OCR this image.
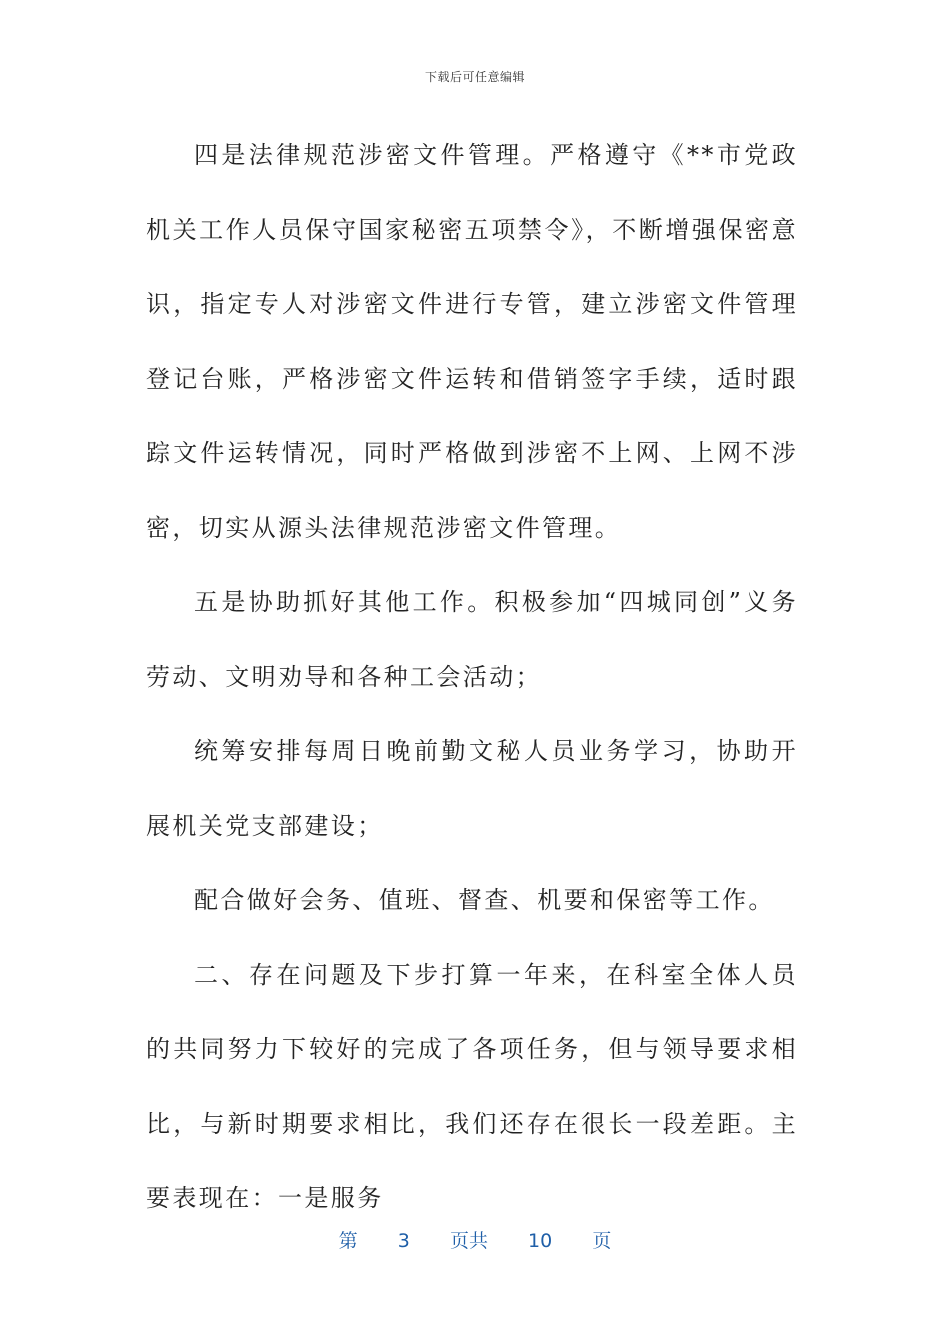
下载后可任意编辑

四是法律规范涉密文件管理。严格遵守《**市党政机关工作人员保守国家秘密五项禁令》，不断增强保密意识，指定专人对涉密文件进行专管，建立涉密文件管理登记台账，严格涉密文件运转和借销签字手续，适时跟踪文件运转情况，同时严格做到涉密不上网、上网不涉密，切实从源头法律规范涉密文件管理。

五是协助抓好其他工作。积极参加“四城同创”义务劳动、文明劝导和各种工会活动；

统筹安排每周日晚前勤文秘人员业务学习，协助开展机关党支部建设；

配合做好会务、值班、督查、机要和保密等工作。

二、存在问题及下步打算一年来，在科室全体人员的共同努力下较好的完成了各项任务，但与领导要求相比，与新时期要求相比，我们还存在很长一段差距。主要表现在：一是服务

第 3 页共 10 页
